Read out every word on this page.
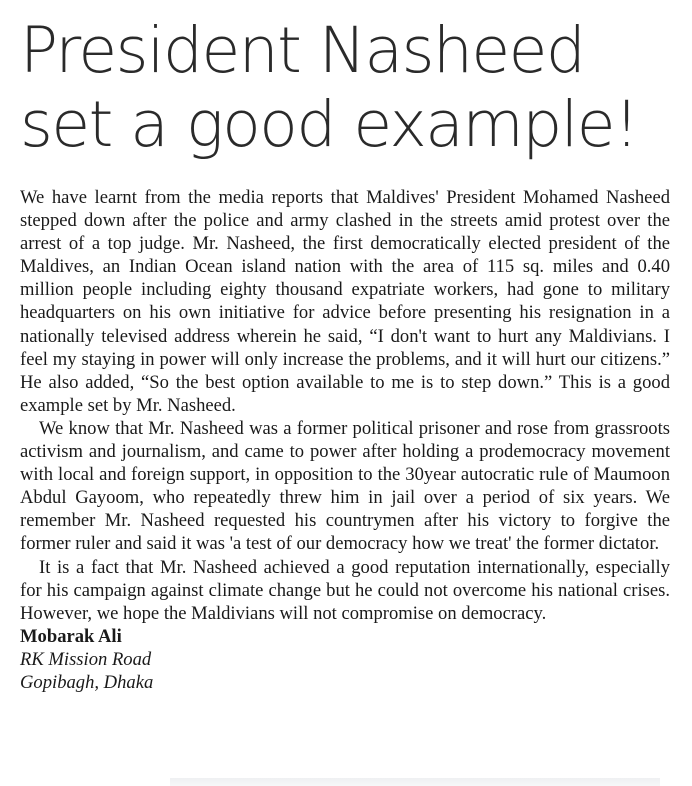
President Nasheed set a good example!

We have learnt from the media reports that Maldives' President Mohamed Nasheed stepped down after the police and army clashed in the streets amid protest over the arrest of a top judge. Mr. Nasheed, the first democratically elected president of the Maldives, an Indian Ocean island nation with the area of 115 sq. miles and 0.40 million people including eighty thousand expatriate workers, had gone to military headquarters on his own initiative for advice before presenting his resignation in a nationally televised address wherein he said, “I don't want to hurt any Maldivians. I feel my staying in power will only increase the problems, and it will hurt our citizens.” He also added, “So the best option available to me is to step down.” This is a good example set by Mr. Nasheed.

We know that Mr. Nasheed was a former political prisoner and rose from grassroots activism and journalism, and came to power after holding a prodemocracy movement with local and foreign support, in opposition to the 30year autocratic rule of Maumoon Abdul Gayoom, who repeatedly threw him in jail over a period of six years. We remember Mr. Nasheed requested his countrymen after his victory to forgive the former ruler and said it was 'a test of our democracy how we treat' the former dictator.

It is a fact that Mr. Nasheed achieved a good reputation internationally, especially for his campaign against climate change but he could not overcome his national crises. However, we hope the Maldivians will not compromise on democracy.

Mobarak Ali
RK Mission Road
Gopibagh, Dhaka
